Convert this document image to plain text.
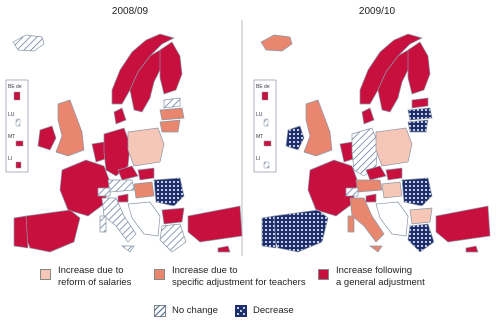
2008/09	2009/10
BE de
LU
MT
LI
BE de
LU
MT
LI
Increase due to
reform of salaries
Increase due to
specific adjustment for teachers
Increase following
a general adjustment
No change	Decrease
